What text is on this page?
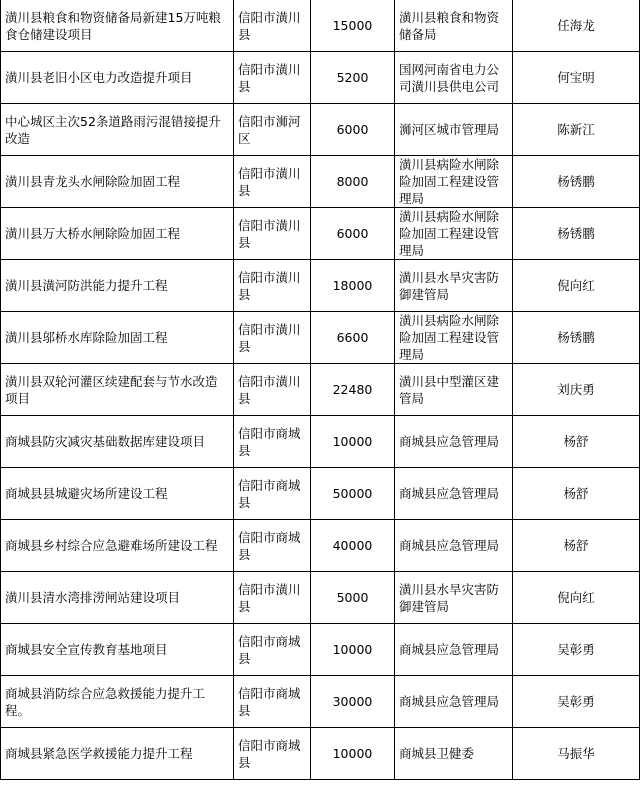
潢川县粮食和物资储备局新建15万吨粮食仓储建设项目	信阳市潢川县	15000	潢川县粮食和物资储备局	任海龙
潢川县老旧小区电力改造提升项目	信阳市潢川县	5200	国网河南省电力公司潢川县供电公司	何宝明
中心城区主次52条道路雨污混错接提升改造	信阳市浉河区	6000	浉河区城市管理局	陈新江
潢川县青龙头水闸除险加固工程	信阳市潢川县	8000	潢川县病险水闸除险加固工程建设管理局	杨锈鹏
潢川县万大桥水闸除险加固工程	信阳市潢川县	6000	潢川县病险水闸除险加固工程建设管理局	杨锈鹏
潢川县潢河防洪能力提升工程	信阳市潢川县	18000	潢川县水旱灾害防御建管局	倪向红
潢川县邬桥水库除险加固工程	信阳市潢川县	6600	潢川县病险水闸除险加固工程建设管理局	杨锈鹏
潢川县双轮河灌区续建配套与节水改造项目	信阳市潢川县	22480	潢川县中型灌区建管局	刘庆勇
商城县防灾减灾基础数据库建设项目	信阳市商城县	10000	商城县应急管理局	杨舒
商城县县城避灾场所建设工程	信阳市商城县	50000	商城县应急管理局	杨舒
商城县乡村综合应急避难场所建设工程	信阳市商城县	40000	商城县应急管理局	杨舒
潢川县清水湾排涝闸站建设项目	信阳市潢川县	5000	潢川县水旱灾害防御建管局	倪向红
商城县安全宣传教育基地项目	信阳市商城县	10000	商城县应急管理局	吴彰勇
商城县消防综合应急救援能力提升工程。	信阳市商城县	30000	商城县应急管理局	吴彰勇
商城县紧急医学救援能力提升工程	信阳市商城县	10000	商城县卫健委	马振华
